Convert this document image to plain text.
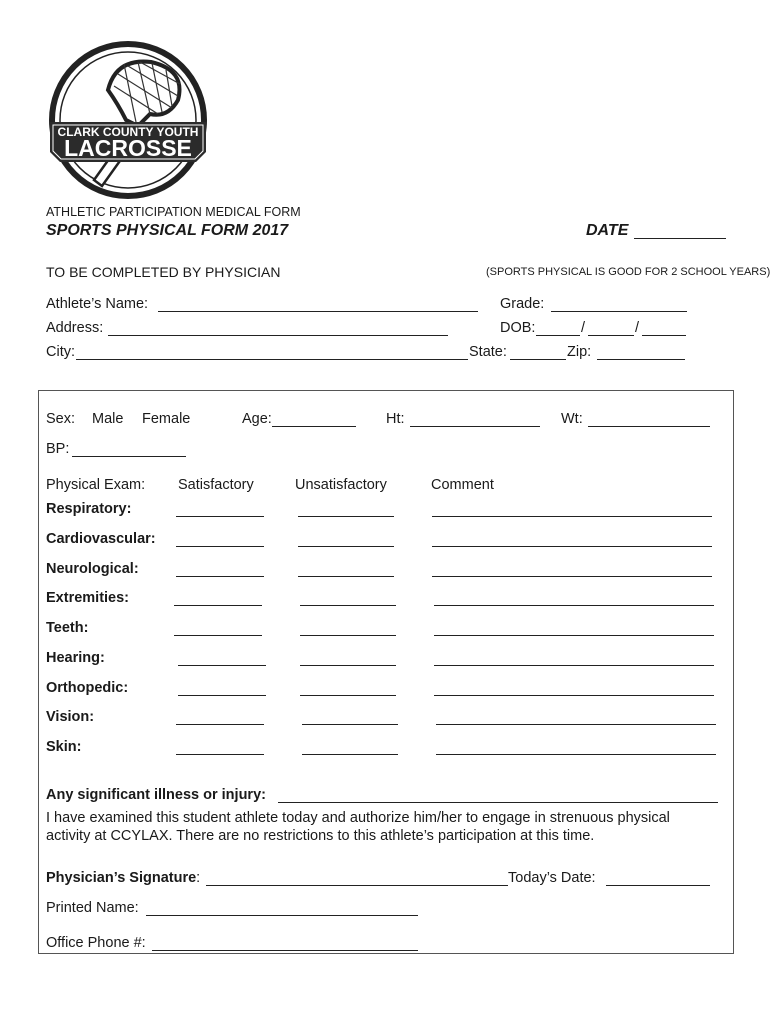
CLARK COUNTY YOUTH
LACROSSE
ATHLETIC PARTICIPATION MEDICAL FORM
SPORTS PHYSICAL FORM 2017	DATE
TO BE COMPLETED BY PHYSICIAN	(SPORTS PHYSICAL IS GOOD FOR 2 SCHOOL YEARS)
Athlete’s Name:	Grade:
Address:	DOB:	/	/
City:	State:	Zip:
Sex: Male Female	Age:	Ht:	Wt:
BP:
Physical Exam: Satisfactory	Unsatisfactory	Comment
Respiratory:
Cardiovascular:
Neurological:
Extremities:
Teeth:
Hearing:
Orthopedic:
Vision:
Skin:
Any significant illness or injury:
I have examined this student athlete today and authorize him/her to engage in strenuous physical
activity at CCYLAX. There are no restrictions to this athlete’s participation at this time.
Physician’s Signature:	Today’s Date:
Printed Name:
Office Phone #:
